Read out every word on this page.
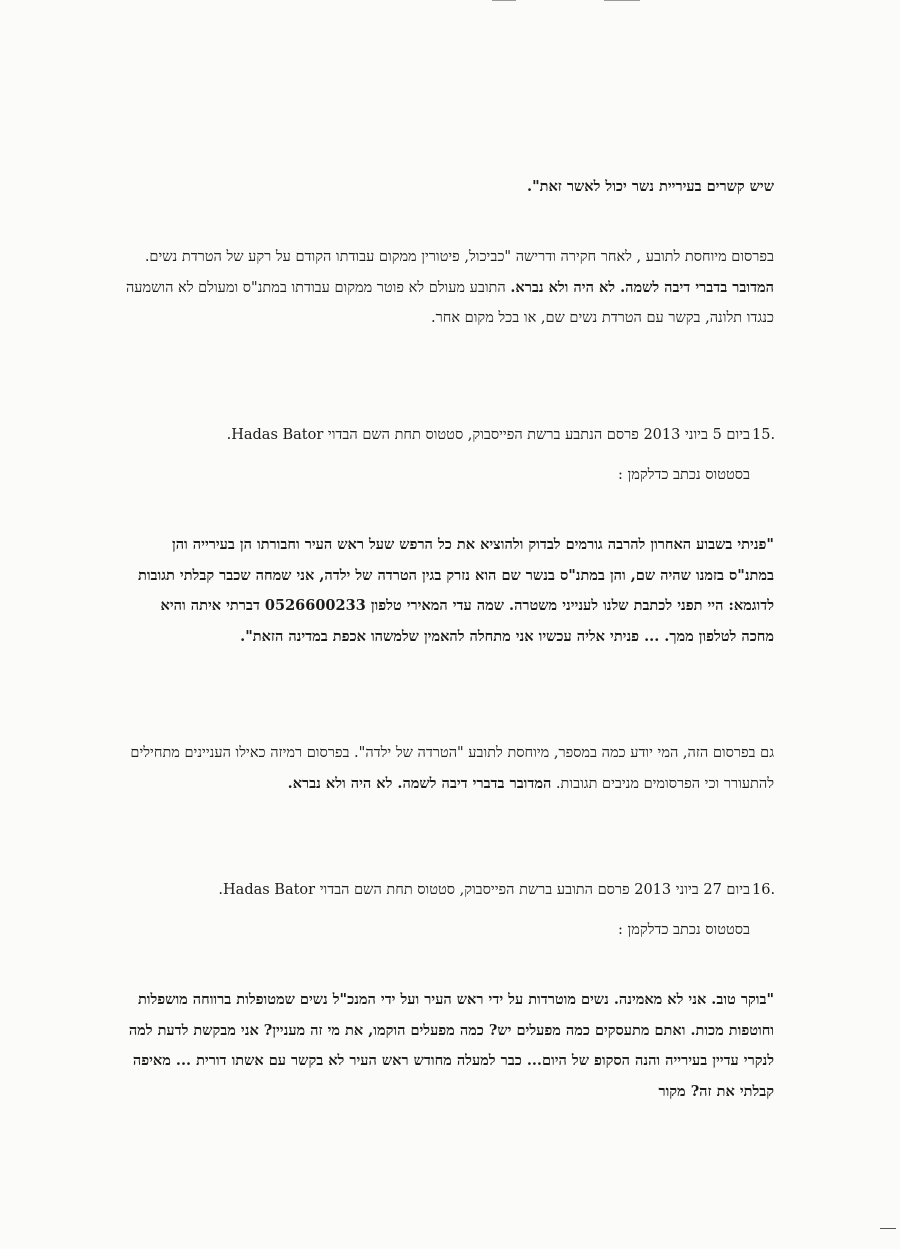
שיש קשרים בעיריית נשר יכול לאשר זאת".

בפרסום מיוחסת לתובע , לאחר חקירה ודרישה "כביכול, פיטורין ממקום עבודתו הקודם על רקע של הטרדת נשים. המדובר בדברי דיבה לשמה. לא היה ולא נברא. התובע מעולם לא פוטר ממקום עבודתו במתנ"ס ומעולם לא הושמעה כנגדו תלונה, בקשר עם הטרדת נשים שם, או בכל מקום אחר.

15.

ביום 5 ביוני 2013 פרסם הנתבע ברשת הפייסבוק, סטטוס תחת השם הבדוי Hadas Bator.

בסטטוס נכתב כדלקמן :

"פניתי בשבוע האחרון להרבה גורמים לבדוק ולהוציא את כל הרפש שעל ראש העיר וחבורתו הן בעירייה והן במתנ"ס בזמנו שהיה שם, והן במתנ"ס בנשר שם הוא נזרק בגין הטרדה של ילדה, אני שמחה שכבר קבלתי תגובות לדוגמא: היי תפני לכתבת שלנו לענייני משטרה. שמה עדי המאירי טלפון 0526600233 דברתי איתה והיא מחכה לטלפון ממך. ... פניתי אליה עכשיו אני מתחלה להאמין שלמשהו אכפת במדינה הזאת".

גם בפרסום הזה, המי יודע כמה במספר, מיוחסת לתובע "הטרדה של ילדה". בפרסום רמיזה כאילו העניינים מתחילים להתעורר וכי הפרסומים מניבים תגובות. המדובר בדברי דיבה לשמה. לא היה ולא נברא.

16.

ביום 27 ביוני 2013 פרסם התובע ברשת הפייסבוק, סטטוס תחת השם הבדוי Hadas Bator.

בסטטוס נכתב כדלקמן :

"בוקר טוב. אני לא מאמינה. נשים מוטרדות על ידי ראש העיר ועל ידי המנכ"ל נשים שמטופלות ברווחה מושפלות וחוטפות מכות. ואתם מתעסקים כמה מפעלים יש? כמה מפעלים הוקמו, את מי זה מעניין? אני מבקשת לדעת למה לנקרי עדיין בעירייה והנה הסקופ של היום... כבר למעלה מחודש ראש העיר לא בקשר עם אשתו דורית ... מאיפה קבלתי את זה? מקור
